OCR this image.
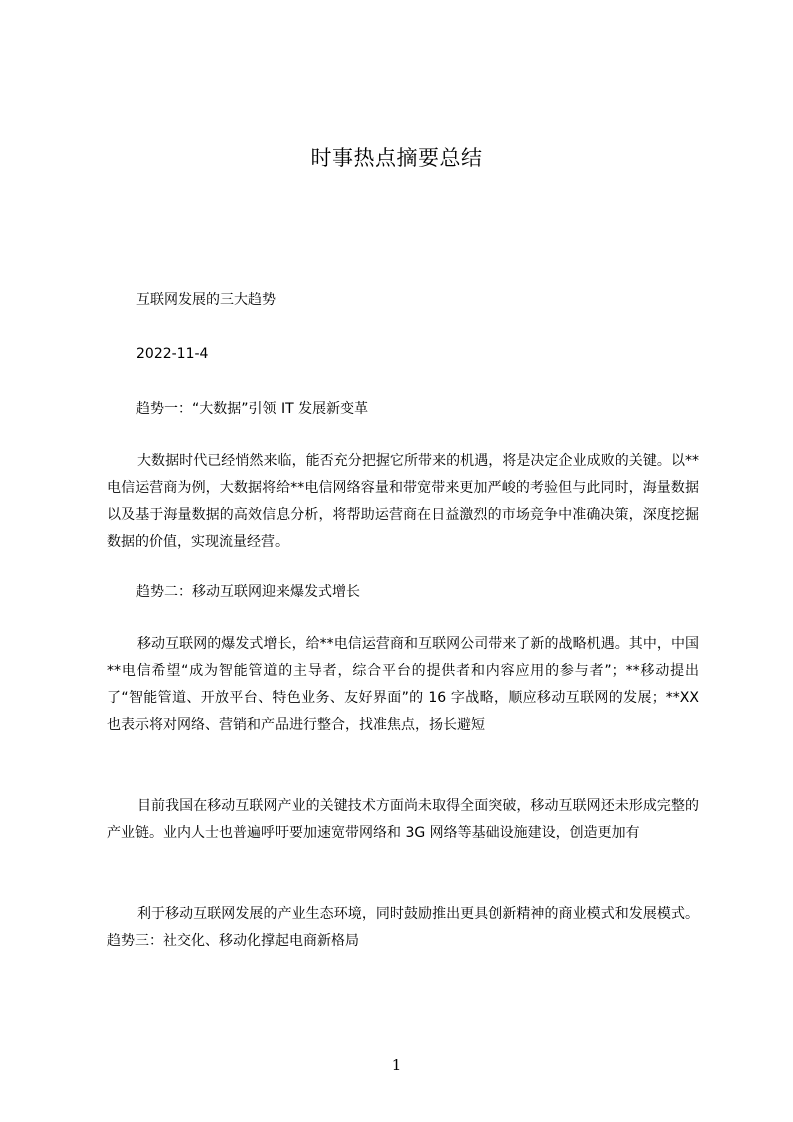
时事热点摘要总结
互联网发展的三大趋势
2022-11-4
趋势一：“大数据”引领 IT 发展新变革
大数据时代已经悄然来临，能否充分把握它所带来的机遇，将是决定企业成败的关键。以**电信运营商为例，大数据将给**电信网络容量和带宽带来更加严峻的考验但与此同时，海量数据以及基于海量数据的高效信息分析，将帮助运营商在日益激烈的市场竞争中准确决策，深度挖掘数据的价值，实现流量经营。
趋势二：移动互联网迎来爆发式增长
移动互联网的爆发式增长，给**电信运营商和互联网公司带来了新的战略机遇。其中，中国**电信希望“成为智能管道的主导者，综合平台的提供者和内容应用的参与者”；**移动提出了“智能管道、开放平台、特色业务、友好界面”的 16 字战略，顺应移动互联网的发展；**XX 也表示将对网络、营销和产品进行整合，找准焦点，扬长避短
目前我国在移动互联网产业的关键技术方面尚未取得全面突破，移动互联网还未形成完整的产业链。业内人士也普遍呼吁要加速宽带网络和 3G 网络等基础设施建设，创造更加有
利于移动互联网发展的产业生态环境，同时鼓励推出更具创新精神的商业模式和发展模式。 趋势三：社交化、移动化撑起电商新格局
1
